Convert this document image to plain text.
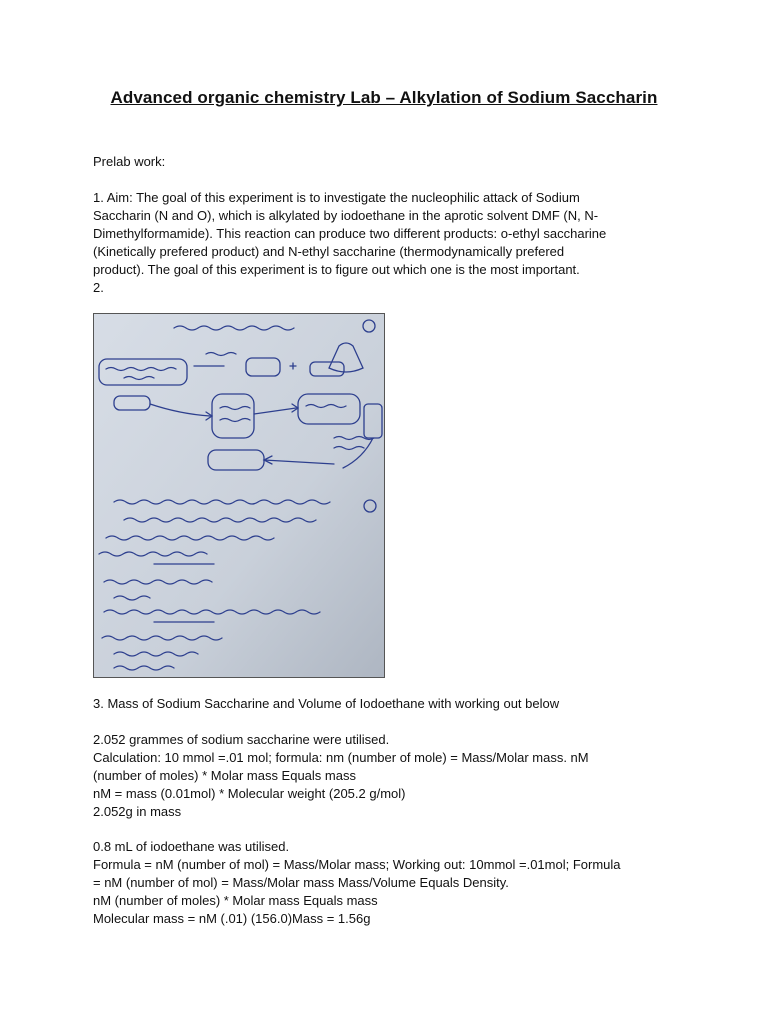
Advanced organic chemistry Lab – Alkylation of Sodium Saccharin

Prelab work:

1. Aim: The goal of this experiment is to investigate the nucleophilic attack of Sodium
Saccharin (N and O), which is alkylated by iodoethane in the aprotic solvent DMF (N, N-
Dimethylformamide). This reaction can produce two different products: o-ethyl saccharine
(Kinetically prefered product) and N-ethyl saccharine (thermodynamically prefered
product). The goal of this experiment is to figure out which one is the most important.
2.

3. Mass of Sodium Saccharine and Volume of Iodoethane with working out below

2.052 grammes of sodium saccharine were utilised.
Calculation: 10 mmol =.01 mol; formula: nm (number of mole) = Mass/Molar mass. nM
(number of moles) * Molar mass Equals mass
nM = mass (0.01mol) * Molecular weight (205.2 g/mol)
2.052g in mass
0.8 mL of iodoethane was utilised.
Formula = nM (number of mol) = Mass/Molar mass; Working out: 10mmol =.01mol; Formula
= nM (number of mol) = Mass/Molar mass Mass/Volume Equals Density.
nM (number of moles) * Molar mass Equals mass
Molecular mass = nM (.01) (156.0)Mass = 1.56g
